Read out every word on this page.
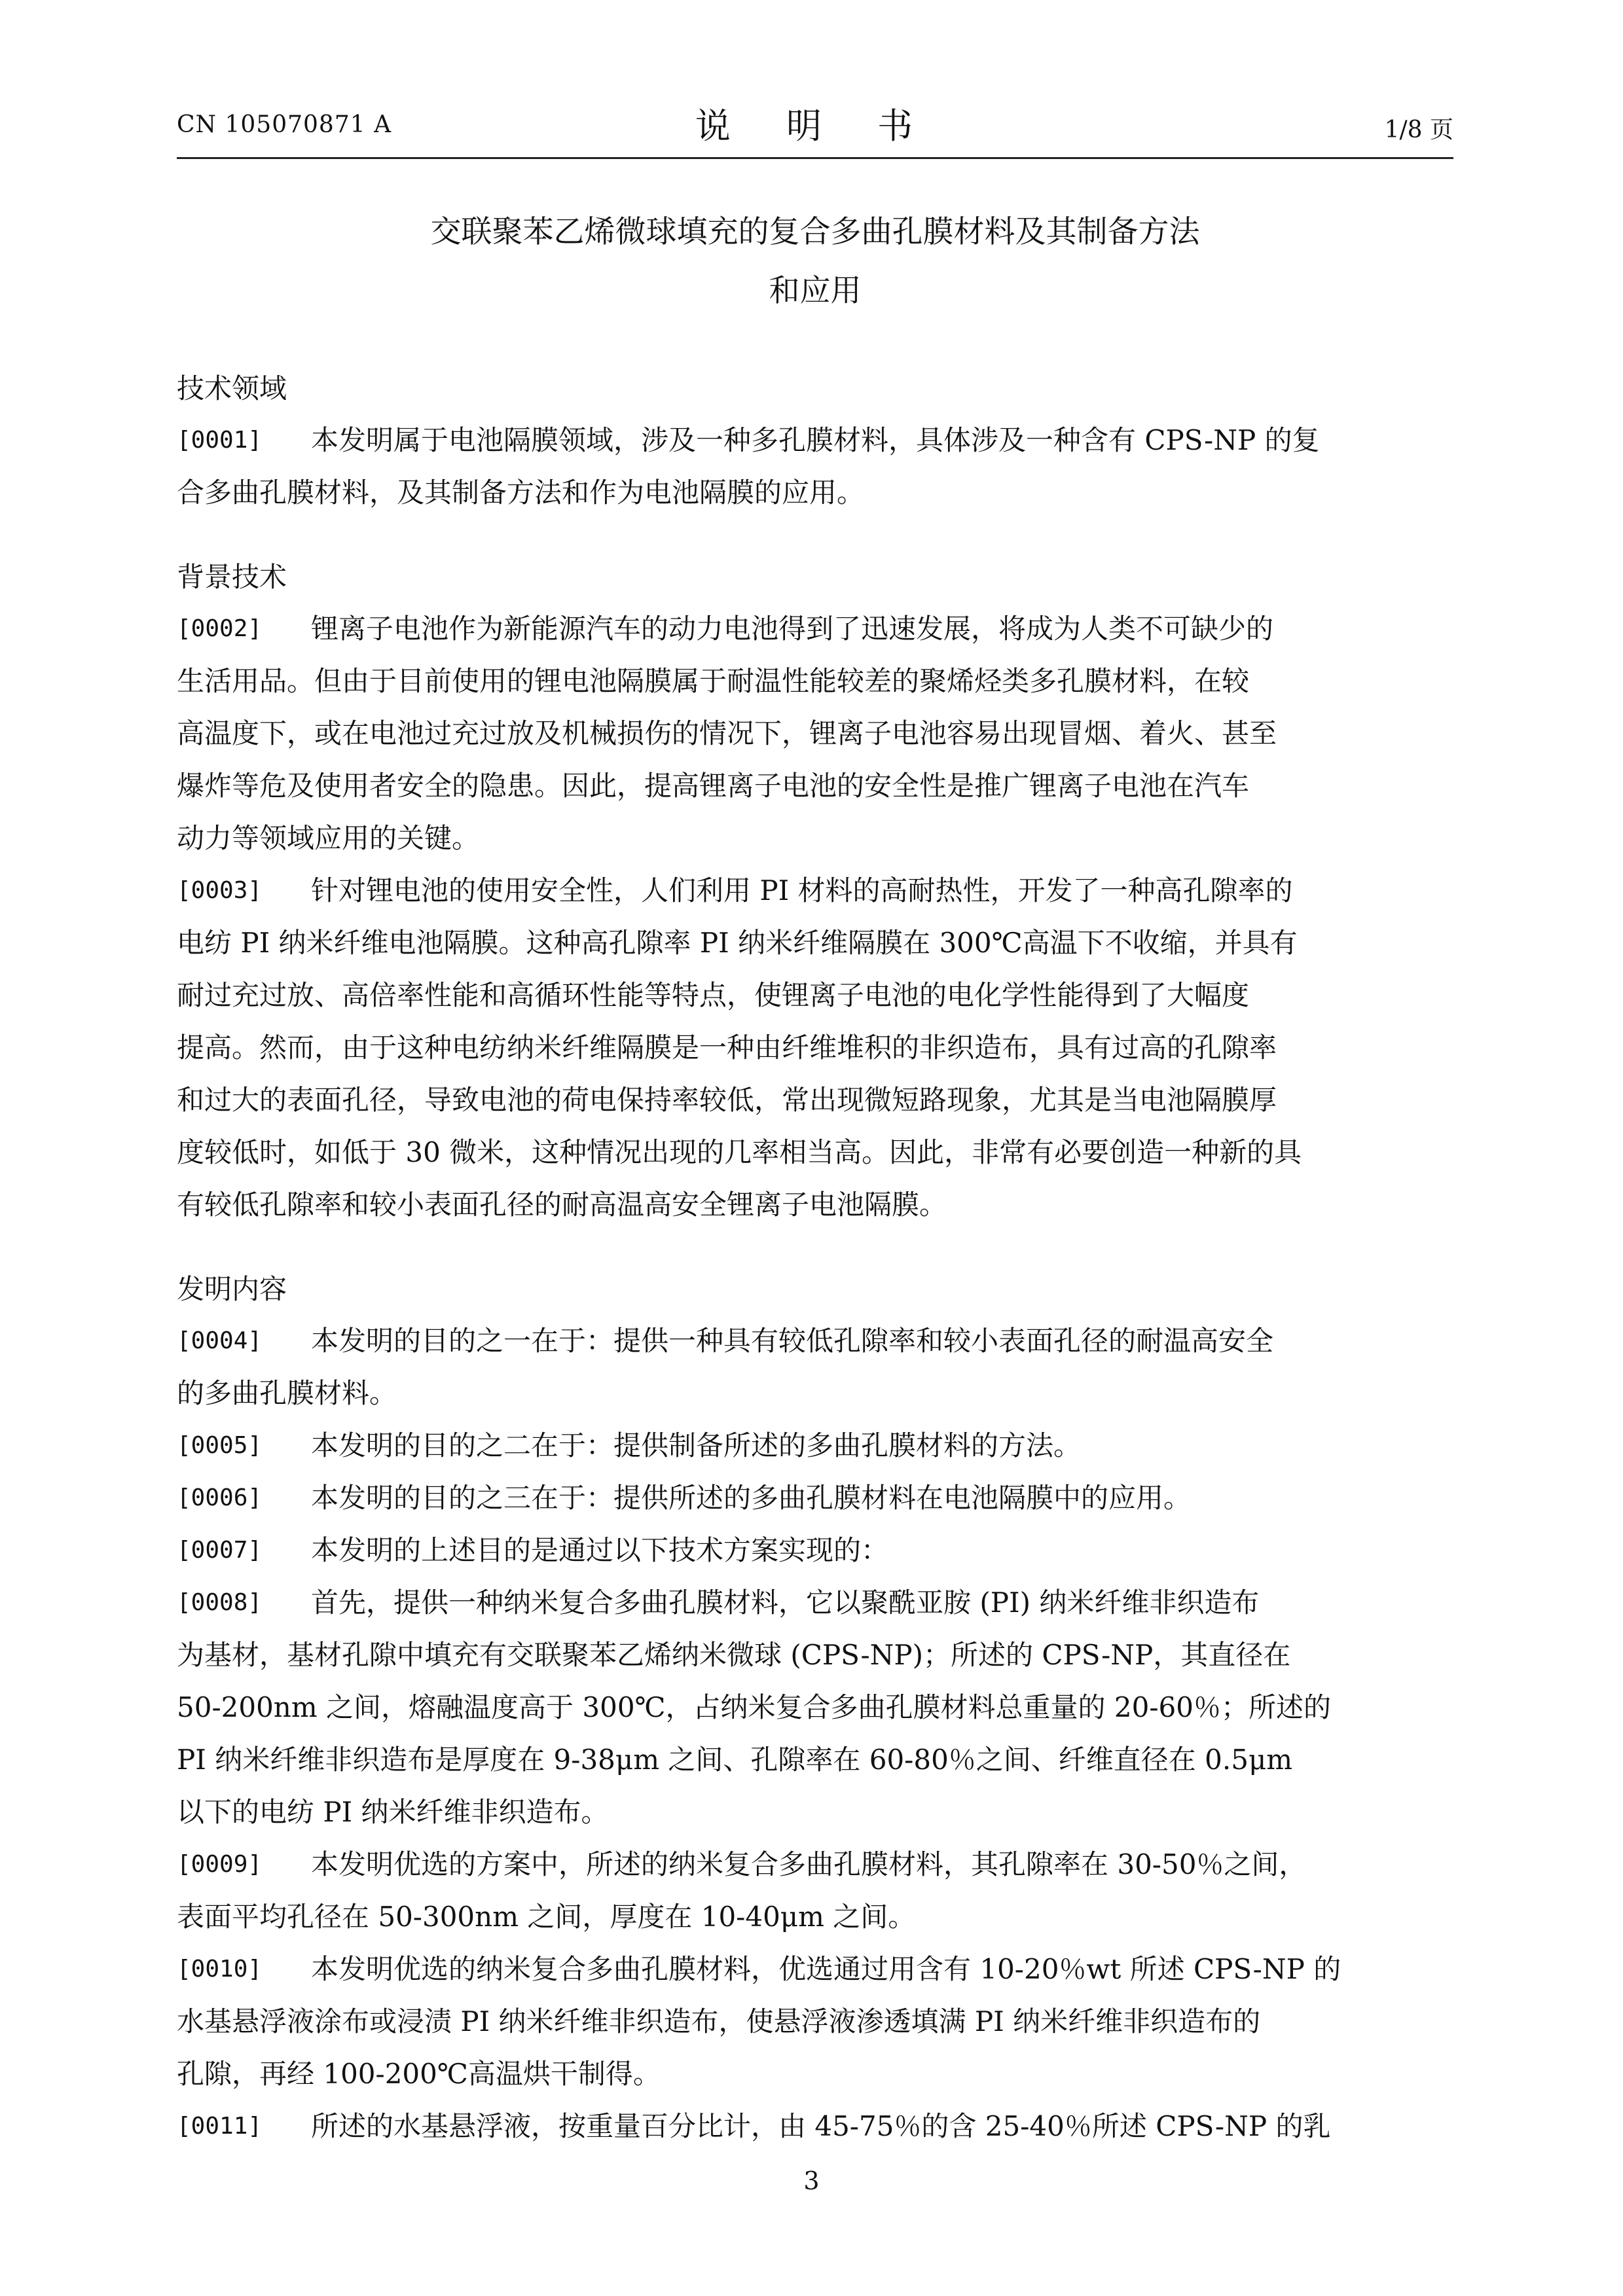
CN 105070871 A	说 明 书	1/8 页
交联聚苯乙烯微球填充的复合多曲孔膜材料及其制备方法
和应用
技术领域
[0001]	本发明属于电池隔膜领域，涉及一种多孔膜材料，具体涉及一种含有 CPS-NP 的复
合多曲孔膜材料，及其制备方法和作为电池隔膜的应用。
背景技术
[0002]	锂离子电池作为新能源汽车的动力电池得到了迅速发展，将成为人类不可缺少的
生活用品。但由于目前使用的锂电池隔膜属于耐温性能较差的聚烯烃类多孔膜材料，在较
高温度下，或在电池过充过放及机械损伤的情况下，锂离子电池容易出现冒烟、着火、甚至
爆炸等危及使用者安全的隐患。因此，提高锂离子电池的安全性是推广锂离子电池在汽车
动力等领域应用的关键。
[0003]	针对锂电池的使用安全性，人们利用 PI 材料的高耐热性，开发了一种高孔隙率的
电纺 PI 纳米纤维电池隔膜。这种高孔隙率 PI 纳米纤维隔膜在 300℃高温下不收缩，并具有
耐过充过放、高倍率性能和高循环性能等特点，使锂离子电池的电化学性能得到了大幅度
提高。然而，由于这种电纺纳米纤维隔膜是一种由纤维堆积的非织造布，具有过高的孔隙率
和过大的表面孔径，导致电池的荷电保持率较低，常出现微短路现象，尤其是当电池隔膜厚
度较低时，如低于 30 微米，这种情况出现的几率相当高。因此，非常有必要创造一种新的具
有较低孔隙率和较小表面孔径的耐高温高安全锂离子电池隔膜。
发明内容
[0004]	本发明的目的之一在于：提供一种具有较低孔隙率和较小表面孔径的耐温高安全
的多曲孔膜材料。
[0005]	本发明的目的之二在于：提供制备所述的多曲孔膜材料的方法。
[0006]	本发明的目的之三在于：提供所述的多曲孔膜材料在电池隔膜中的应用。
[0007]	本发明的上述目的是通过以下技术方案实现的：
[0008]	首先，提供一种纳米复合多曲孔膜材料，它以聚酰亚胺 (PI) 纳米纤维非织造布
为基材，基材孔隙中填充有交联聚苯乙烯纳米微球 (CPS-NP)；所述的 CPS-NP，其直径在
50-200nm 之间，熔融温度高于 300℃，占纳米复合多曲孔膜材料总重量的 20-60％；所述的
PI 纳米纤维非织造布是厚度在 9-38μm 之间、孔隙率在 60-80％之间、纤维直径在 0.5μm
以下的电纺 PI 纳米纤维非织造布。
[0009]	本发明优选的方案中，所述的纳米复合多曲孔膜材料，其孔隙率在 30-50％之间，
表面平均孔径在 50-300nm 之间，厚度在 10-40μm 之间。
[0010]	本发明优选的纳米复合多曲孔膜材料，优选通过用含有 10-20％wt 所述 CPS-NP 的
水基悬浮液涂布或浸渍 PI 纳米纤维非织造布，使悬浮液渗透填满 PI 纳米纤维非织造布的
孔隙，再经 100-200℃高温烘干制得。
[0011]	所述的水基悬浮液，按重量百分比计，由 45-75％的含 25-40％所述 CPS-NP 的乳
3
